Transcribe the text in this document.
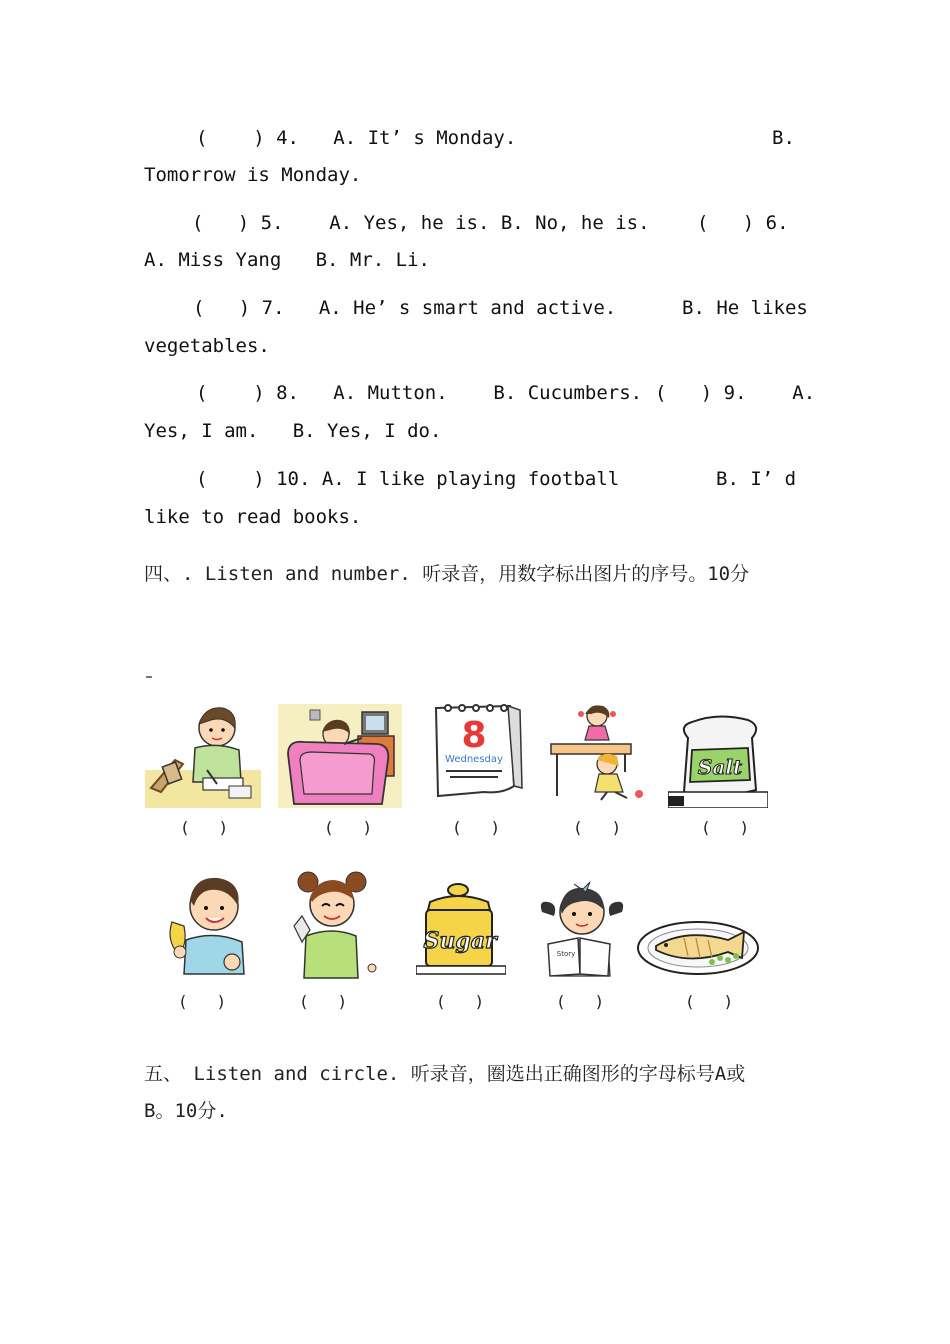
(    ) 4.   A. It’ s Monday.	B.
Tomorrow is Monday.
(   ) 5.    A. Yes, he is. B. No, he is. (   ) 6.
A. Miss Yang   B. Mr. Li.
(   ) 7.   A. He’ s smart and active.	B. He likes
vegetables.
(    ) 8.   A. Mutton.    B. Cucumbers. (   ) 9.    A.
Yes, I am.   B. Yes, I do.
(    ) 10. A. I like playing football	B. I’ d
like to read books.
四、. Listen and number. 听录音，用数字标出图片的序号。10分
8
Wednesday	Salt
(   )	(   )	(   )	(   )	(   )
Sugar	Story
(   )	(   )	(   )	(   )	(   )
五、 Listen and circle. 听录音，圈选出正确图形的字母标号A或
B。10分.
